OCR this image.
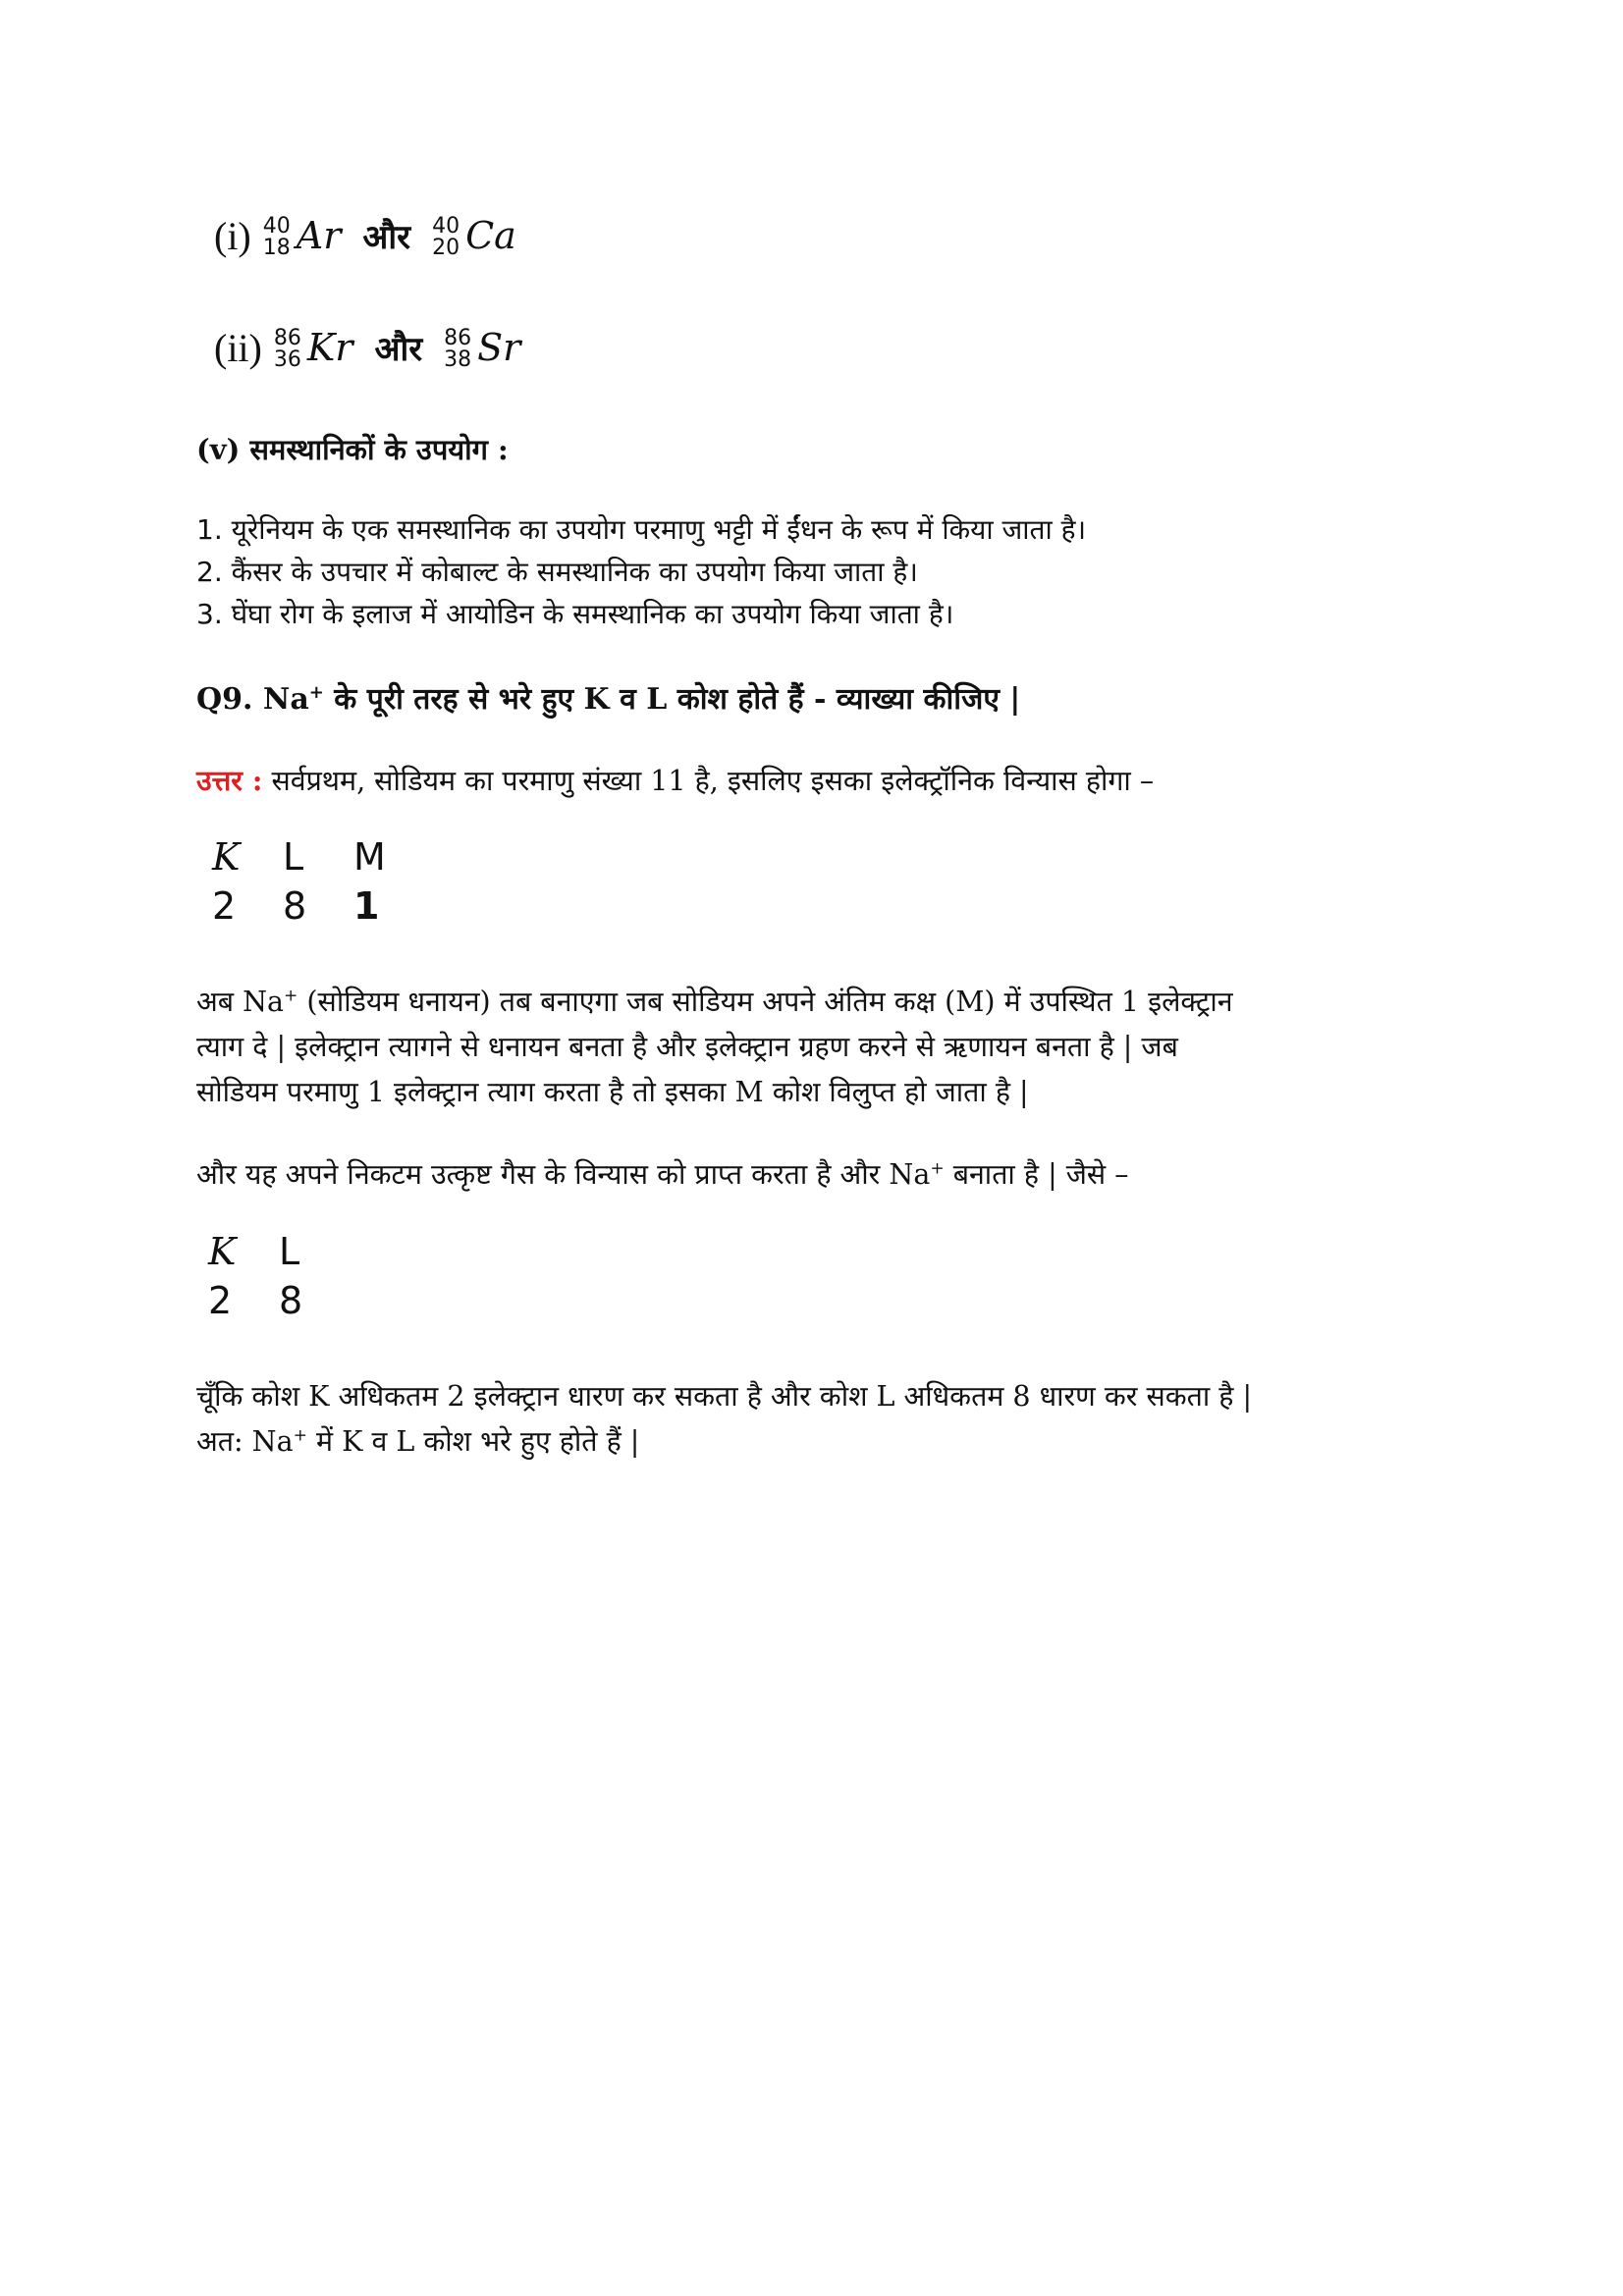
(i) 40
18 Ar और 40
20 Ca
(ii) 86
36 Kr और 86
38 Sr
(v) समस्थानिकों के उपयोग :
1. यूरेनियम के एक समस्थानिक का उपयोग परमाणु भट्टी में ईंधन के रूप में किया जाता है।
2. कैंसर के उपचार में कोबाल्ट के समस्थानिक का उपयोग किया जाता है।
3. घेंघा रोग के इलाज में आयोडिन के समस्थानिक का उपयोग किया जाता है।
Q9. Na+ के पूरी तरह से भरे हुए K व L कोश होते हैं - व्याख्या कीजिए |
उत्तर : सर्वप्रथम, सोडियम का परमाणु संख्या 11 है, इसलिए इसका इलेक्ट्रॉनिक विन्यास होगा –
K	L	M
2	8	1
अब Na+ (सोडियम धनायन) तब बनाएगा जब सोडियम अपने अंतिम कक्ष (M) में उपस्थित 1 इलेक्ट्रान
त्याग दे | इलेक्ट्रान त्यागने से धनायन बनता है और इलेक्ट्रान ग्रहण करने से ऋणायन बनता है | जब
सोडियम परमाणु 1 इलेक्ट्रान त्याग करता है तो इसका M कोश विलुप्त हो जाता है |
और यह अपने निकटम उत्कृष्ट गैस के विन्यास को प्राप्त करता है और Na+ बनाता है | जैसे –
K	L
2	8
चूँकि कोश K अधिकतम 2 इलेक्ट्रान धारण कर सकता है और कोश L अधिकतम 8 धारण कर सकता है |
अत: Na+ में K व L कोश भरे हुए होते हैं |
